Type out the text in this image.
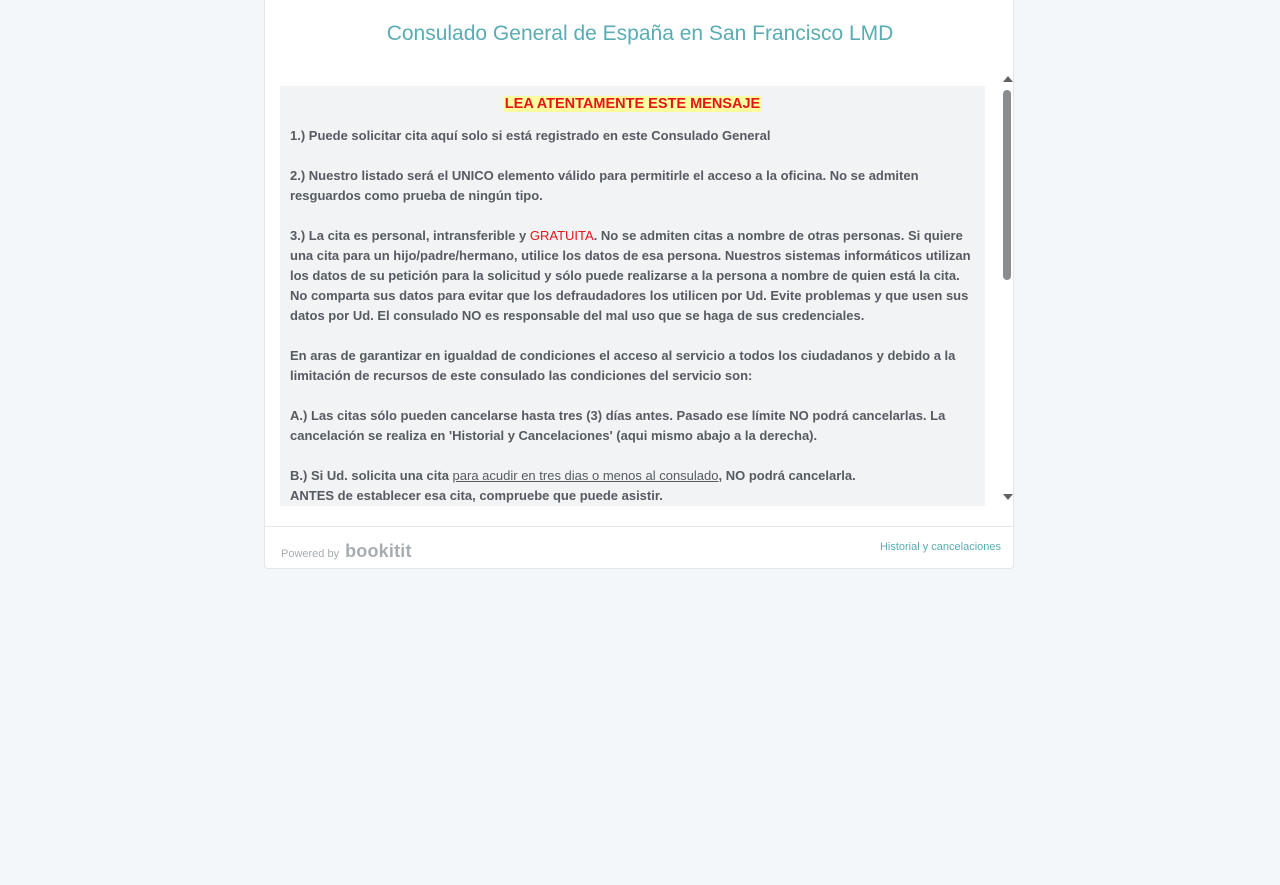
Consulado General de España en San Francisco LMD
LEA ATENTAMENTE ESTE MENSAJE

1.) Puede solicitar cita aquí solo si está registrado en este Consulado General

2.) Nuestro listado será el UNICO elemento válido para permitirle el acceso a la oficina. No se admiten resguardos como prueba de ningún tipo.

3.) La cita es personal, intransferible y GRATUITA. No se admiten citas a nombre de otras personas. Si quiere una cita para un hijo/padre/hermano, utilice los datos de esa persona. Nuestros sistemas informáticos utilizan los datos de su petición para la solicitud y sólo puede realizarse a la persona a nombre de quien está la cita. No comparta sus datos para evitar que los defraudadores los utilicen por Ud. Evite problemas y que usen sus datos por Ud. El consulado NO es responsable del mal uso que se haga de sus credenciales.

En aras de garantizar en igualdad de condiciones el acceso al servicio a todos los ciudadanos y debido a la limitación de recursos de este consulado las condiciones del servicio son:

A.) Las citas sólo pueden cancelarse hasta tres (3) días antes. Pasado ese límite NO podrá cancelarlas. La cancelación se realiza en 'Historial y Cancelaciones' (aqui mismo abajo a la derecha).

B.) Si Ud. solicita una cita para acudir en tres dias o menos al consulado, NO podrá cancelarla.
ANTES de establecer esa cita, compruebe que puede asistir.

Powered by bookitit	Historial y cancelaciones
